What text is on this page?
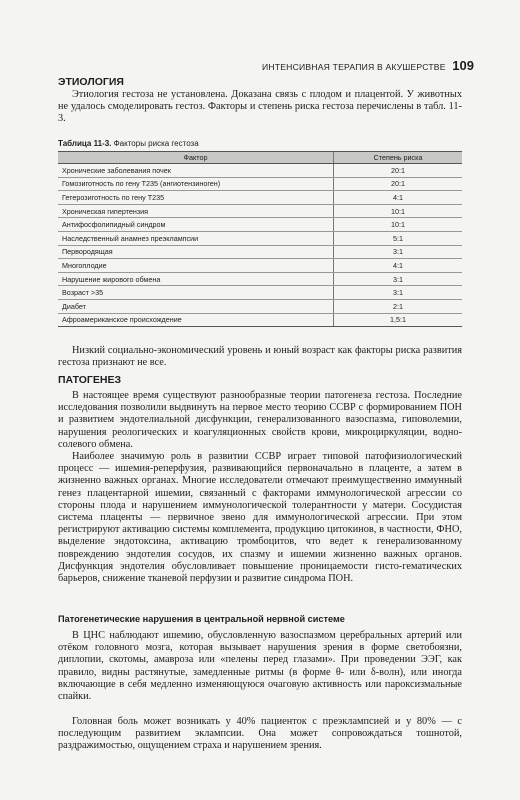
ИНТЕНСИВНАЯ ТЕРАПИЯ В АКУШЕРСТВЕ 109
ЭТИОЛОГИЯ

Этиология гестоза не установлена. Доказана связь с плодом и плацентой. У животных не удалось смоделировать гестоз. Факторы и степень риска гестоза перечислены в табл. 11-3.

Таблица 11-3. Факторы риска гестоза
Фактор	Степень риска
Хронические заболевания почек	20:1
Гомозиготность по гену Т235 (ангиотензиноген)	20:1
Гетерозиготность по гену Т235	4:1
Хроническая гипертензия	10:1
Антифосфолипидный синдром	10:1
Наследственный анамнез преэклампсии	5:1
Первородящая	3:1
Многоплодие	4:1
Нарушение жирового обмена	3:1
Возраст >35	3:1
Диабет	2:1
Афроамериканское происхождение	1,5:1

Низкий социально-экономический уровень и юный возраст как факторы риска развития гестоза признают не все.

ПАТОГЕНЕЗ

В настоящее время существуют разнообразные теории патогенеза гестоза. Последние исследования позволили выдвинуть на первое место теорию ССВР с формированием ПОН и развитием эндотелиальной дисфункции, генерализованного вазоспазма, гиповолемии, нарушения реологических и коагуляционных свойств крови, микроциркуляции, водно-солевого обмена.

Наиболее значимую роль в развитии ССВР играет типовой патофизиологический процесс — ишемия-реперфузия, развивающийся первоначально в плаценте, а затем в жизненно важных органах. Многие исследователи отмечают преимущественно иммунный генез плацентарной ишемии, связанный с факторами иммунологической агрессии со стороны плода и нарушением иммунологической толерантности у матери. Сосудистая система плаценты — первичное звено для иммунологической агрессии. При этом регистрируют активацию системы комплемента, продукцию цитокинов, в частности, ФНО, выделение эндотоксина, активацию тромбоцитов, что ведет к генерализованному повреждению эндотелия сосудов, их спазму и ишемии жизненно важных органов. Дисфункция эндотелия обусловливает повышение проницаемости гисто-гематических барьеров, снижение тканевой перфузии и развитие синдрома ПОН.

Патогенетические нарушения в центральной нервной системе

В ЦНС наблюдают ишемию, обусловленную вазоспазмом церебральных артерий или отёком головного мозга, которая вызывает нарушения зрения в форме светобоязни, диплопии, скотомы, амавроза или «пелены перед глазами». При проведении ЭЭГ, как правило, видны растянутые, замедленные ритмы (в форме θ- или δ-волн), или иногда включающие в себя медленно изменяющуюся очаговую активность или пароксизмальные спайки.

Головная боль может возникать у 40% пациенток с преэклампсией и у 80% — с последующим развитием эклампсии. Она может сопровождаться тошнотой, раздражимостью, ощущением страха и нарушением зрения.
